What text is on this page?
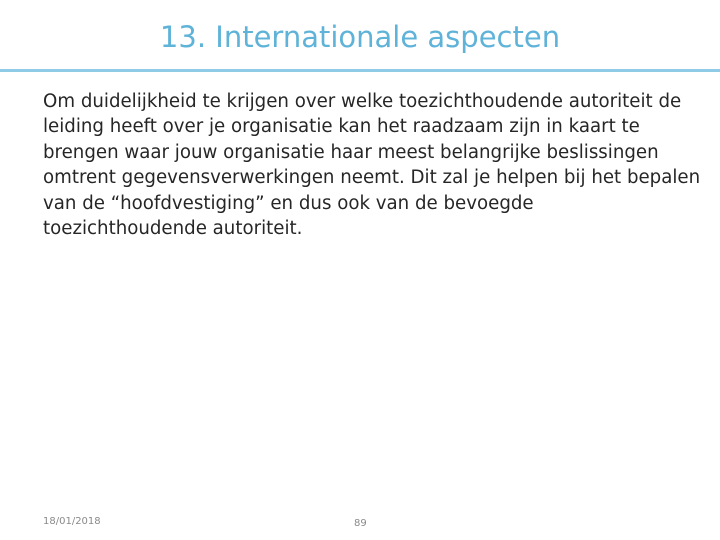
13. Internationale aspecten

Om duidelijkheid te krijgen over welke toezichthoudende autoriteit de leiding heeft over je organisatie kan het raadzaam zijn in kaart te brengen waar jouw organisatie haar meest belangrijke beslissingen omtrent gegevensverwerkingen neemt. Dit zal je helpen bij het bepalen van de “hoofdvestiging” en dus ook van de bevoegde toezichthoudende autoriteit.

18/01/2018	89
